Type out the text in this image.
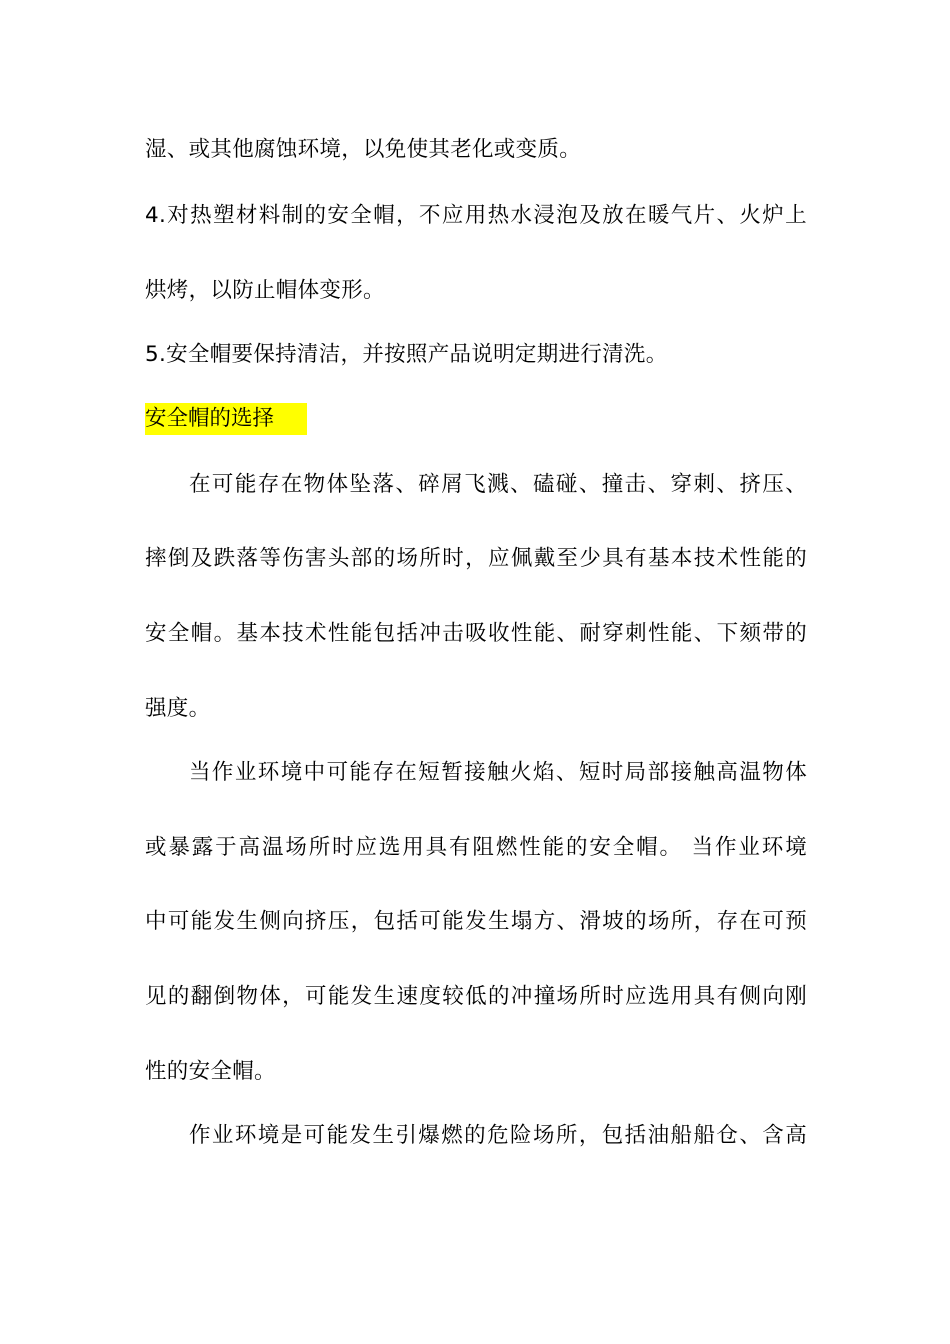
湿、或其他腐蚀环境，以免使其老化或变质。
4.对热塑材料制的安全帽，不应用热水浸泡及放在暖气片、火炉上
烘烤，以防止帽体变形。
5.安全帽要保持清洁，并按照产品说明定期进行清洗。
安全帽的选择
在可能存在物体坠落、碎屑飞溅、磕碰、撞击、穿刺、挤压、
摔倒及跌落等伤害头部的场所时，应佩戴至少具有基本技术性能的
安全帽。基本技术性能包括冲击吸收性能、耐穿刺性能、下颏带的
强度。
当作业环境中可能存在短暂接触火焰、短时局部接触高温物体
或暴露于高温场所时应选用具有阻燃性能的安全帽。 当作业环境
中可能发生侧向挤压，包括可能发生塌方、滑坡的场所，存在可预
见的翻倒物体，可能发生速度较低的冲撞场所时应选用具有侧向刚
性的安全帽。
作业环境是可能发生引爆燃的危险场所，包括油船船仓、含高
